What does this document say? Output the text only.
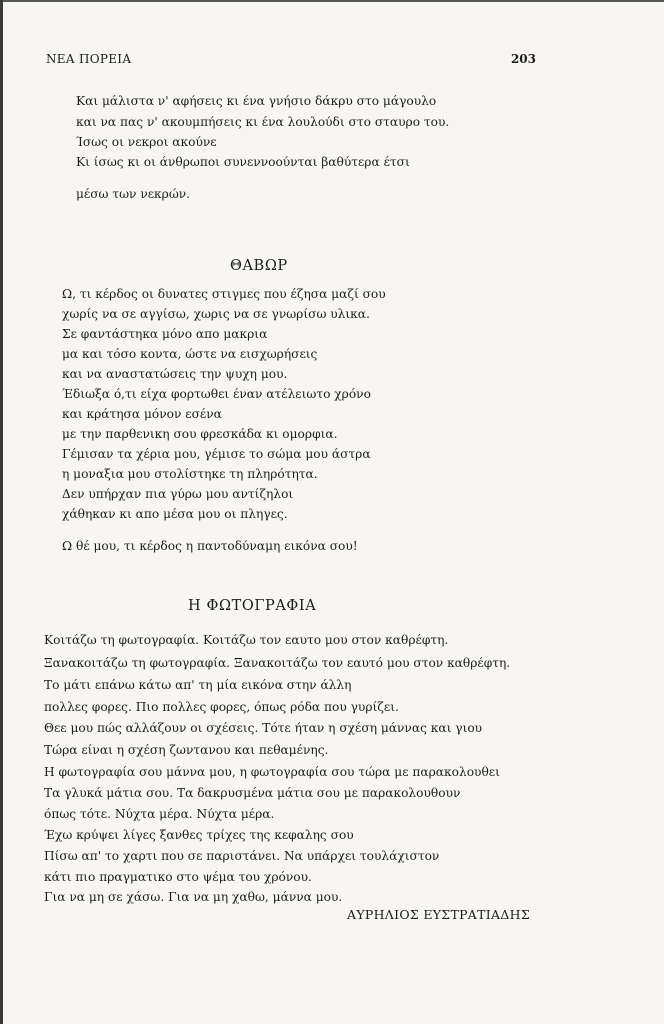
ΝΕΑ ΠΟΡΕΙΑ	203
Και μάλιστα ν' αφήσεις κι ένα γνήσιο δάκρυ στο μάγουλο
και να πας ν' ακουμπήσεις κι ένα λουλούδι στο σταυρο του.
Ίσως οι νεκροι ακούνε
Κι ίσως κι οι άνθρωποι συνεννοούνται βαθύτερα έτσι
μέσω των νεκρών.
ΘΑΒΩΡ
Ω, τι κέρδος οι δυνατες στιγμες που έζησα μαζί σου
χωρίς να σε αγγίσω, χωρις να σε γνωρίσω υλικα.
Σε φαντάστηκα μόνο απο μακρια
μα και τόσο κοντα, ώστε να εισχωρήσεις
και να αναστατώσεις την ψυχη μου.
Έδιωξα ό,τι είχα φορτωθει έναν ατέλειωτο χρόνο
και κράτησα μόνον εσένα
με την παρθενικη σου φρεσκάδα κι ομορφια.
Γέμισαν τα χέρια μου, γέμισε το σώμα μου άστρα
η μοναξια μου στολίστηκε τη πληρότητα.
Δεν υπήρχαν πια γύρω μου αντίζηλοι
χάθηκαν κι απο μέσα μου οι πληγες.
Ω θέ μου, τι κέρδος η παντοδύναμη εικόνα σου!
Η ΦΩΤΟΓΡΑΦΙΑ
Κοιτάζω τη φωτογραφία. Κοιτάζω τον εαυτο μου στον καθρέφτη.
Ξανακοιτάζω τη φωτογραφία. Ξανακοιτάζω τον εαυτό μου στον καθρέφτη.
Το μάτι επάνω κάτω απ' τη μία εικόνα στην άλλη
πολλες φορες. Πιο πολλες φορες, όπως ρόδα που γυρίζει.
Θεε μου πώς αλλάζουν οι σχέσεις. Τότε ήταν η σχέση μάννας και γιου
Τώρα είναι η σχέση ζωντανου και πεθαμένης.
Η φωτογραφία σου μάννα μου, η φωτογραφία σου τώρα με παρακολουθει
Τα γλυκά μάτια σου. Τα δακρυσμένα μάτια σου με παρακολουθουν
όπως τότε. Νύχτα μέρα. Νύχτα μέρα.
Έχω κρύψει λίγες ξανθες τρίχες της κεφαλης σου
Πίσω απ' το χαρτι που σε παριστάνει. Να υπάρχει τουλάχιστον
κάτι πιο πραγματικο στο ψέμα του χρόνου.
Για να μη σε χάσω. Για να μη χαθω, μάννα μου.
ΑΥΡΗΛΙΟΣ ΕΥΣΤΡΑΤΙΑΔΗΣ
